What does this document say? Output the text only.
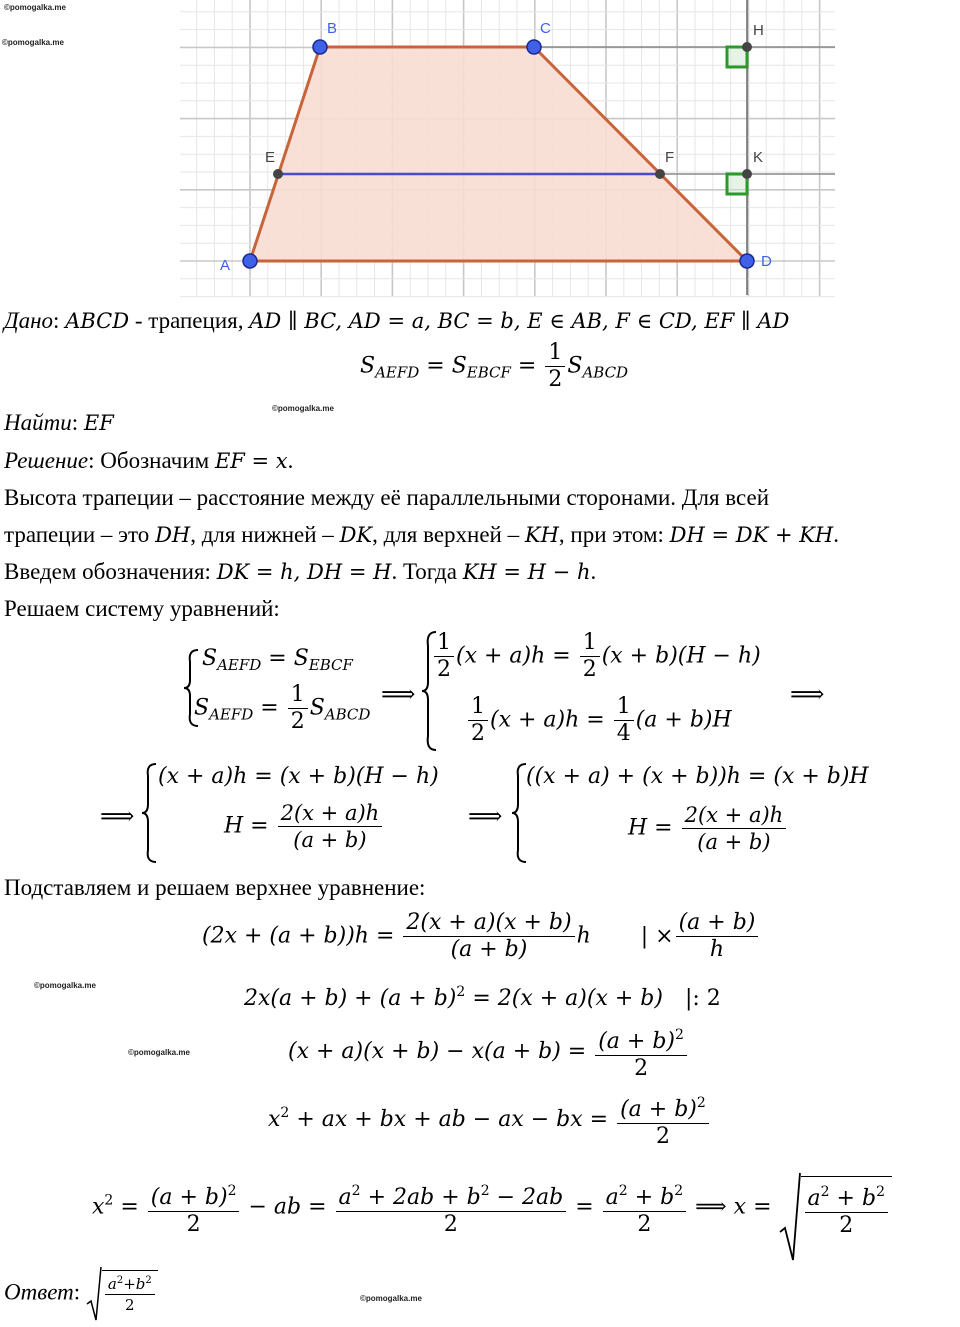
©pomogalka.me
©pomogalka.me
©pomogalka.me
©pomogalka.me
©pomogalka.me
©pomogalka.me
B	C	H
E	F	K
A	D
Дано: ABCD - трапеция, AD ∥ BC, AD = a, BC = b, E ∈ AB, F ∈ CD, EF ∥ AD
$S_{AEFD} = S_{EBCF} = \frac{1}{2} S_{ABCD}$
Найти: EF
Решение: Обозначим EF = x.
Высота трапеции – расстояние между её параллельными сторонами. Для всей
трапеции – это DH, для нижней – DK, для верхней – KH, при этом: DH = DK + KH.
Введем обозначения: DK = h, DH = H. Тогда KH = H − h.
Решаем систему уравнений:
$S_{AEFD} = S_{EBCF}$
$S_{AEFD} = \frac{1}{2} S_{ABCD}$
⟹
$\frac{1}{2} (x + a)h = \frac{1}{2} (x + b)(H - h)$
$\frac{1}{2} (x + a)h = \frac{1}{4} (a + b)H$
⟹
⟹
(x + a)h = (x + b)(H − h)
$H = \frac{2(x + a)h}{(a + b)}$	⟹
((x + a) + (x + b))h = (x + b)H
$H = \frac{2(x + a)h}{(a + b)}$
Подставляем и решаем верхнее уравнение:
$(2x + (a + b))h = \frac{2(x + a)(x + b)}{(a + b)}$ h | × $\frac{(a + b)}{h}$
$2x(a + b) + (a + b)^2 = 2(x + a)(x + b)$ |: 2
$(x + a)(x + b) - x(a + b) = \frac{(a + b)^2}{2}$
$x^2$ + ax + bx + ab − ax − bx = $\frac{(a + b)^2}{2}$
$x^2 = \frac{(a + b)^2}{2}$ − ab = $\frac{a^2 + 2ab + b^2 - 2ab}{2} = \frac{a^2 + b^2}{2}$ ⟹ $x = \frac{a^2 + b^2}{2}$
Ответ: $\frac{a^2+b^2}{2}$
